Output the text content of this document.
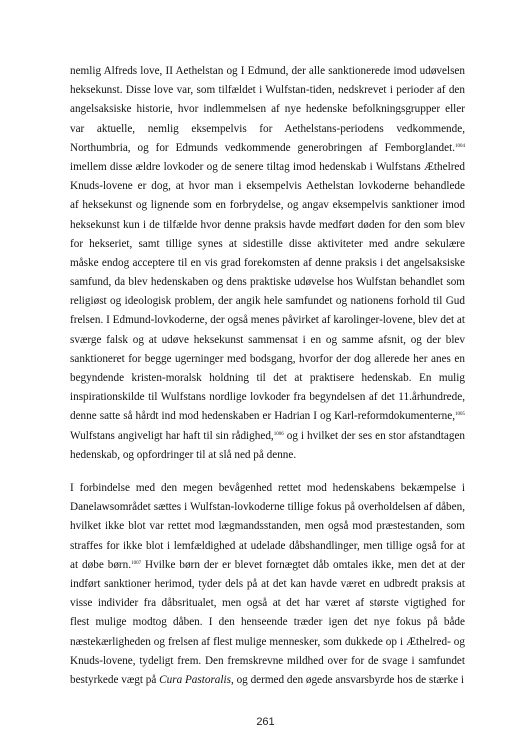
nemlig Alfreds love, II Aethelstan og I Edmund, der alle sanktionerede imod udøvelsen
heksekunst. Disse love var, som tilfældet i Wulfstan-tiden, nedskrevet i perioder af den
angelsaksiske historie, hvor indlemmelsen af nye hedenske befolkningsgrupper eller
var aktuelle, nemlig eksempelvis for Aethelstans-periodens vedkommende,
Northumbria, og for Edmunds vedkommende generobringen af Femborglandet.$^{1004}$
imellem disse ældre lovkoder og de senere tiltag imod hedenskab i Wulfstans Æthelred
Knuds-lovene er dog, at hvor man i eksempelvis Aethelstan lovkoderne behandlede
af heksekunst og lignende som en forbrydelse, og angav eksempelvis sanktioner imod
heksekunst kun i de tilfælde hvor denne praksis havde medført døden for den som blev
for hekseriet, samt tillige synes at sidestille disse aktiviteter med andre sekulære
måske endog acceptere til en vis grad forekomsten af denne praksis i det angelsaksiske
samfund, da blev hedenskaben og dens praktiske udøvelse hos Wulfstan behandlet som
religiøst og ideologisk problem, der angik hele samfundet og nationens forhold til Gud
frelsen. I Edmund-lovkoderne, der også menes påvirket af karolinger-lovene, blev det at
sværge falsk og at udøve heksekunst sammensat i en og samme afsnit, og der blev
sanktioneret for begge ugerninger med bodsgang, hvorfor der dog allerede her anes en
begyndende kristen-moralsk holdning til det at praktisere hedenskab. En mulig
inspirationskilde til Wulfstans nordlige lovkoder fra begyndelsen af det 11.århundrede,
denne satte så hårdt ind mod hedenskaben er Hadrian I og Karl-reformdokumenterne,$^{1005}$
Wulfstans angiveligt har haft til sin rådighed,$^{1006}$ og i hvilket der ses en stor afstandtagen
hedenskab, og opfordringer til at slå ned på denne.
I forbindelse med den megen bevågenhed rettet mod hedenskabens bekæmpelse i
Danelawsområdet sættes i Wulfstan-lovkoderne tillige fokus på overholdelsen af dåben,
hvilket ikke blot var rettet mod lægmandsstanden, men også mod præstestanden, som
straffes for ikke blot i lemfældighed at udelade dåbshandlinger, men tillige også for at
at døbe børn.$^{1007}$ Hvilke børn der er blevet fornægtet dåb omtales ikke, men det at der
indført sanktioner herimod, tyder dels på at det kan havde været en udbredt praksis at
visse individer fra dåbsritualet, men også at det har været af største vigtighed for
flest mulige modtog dåben. I den henseende træder igen det nye fokus på både
næstekærligheden og frelsen af flest mulige mennesker, som dukkede op i Æthelred- og
Knuds-lovene, tydeligt frem. Den fremskrevne mildhed over for de svage i samfundet
bestyrkede vægt på Cura Pastoralis, og dermed den øgede ansvarsbyrde hos de stærke i
261
